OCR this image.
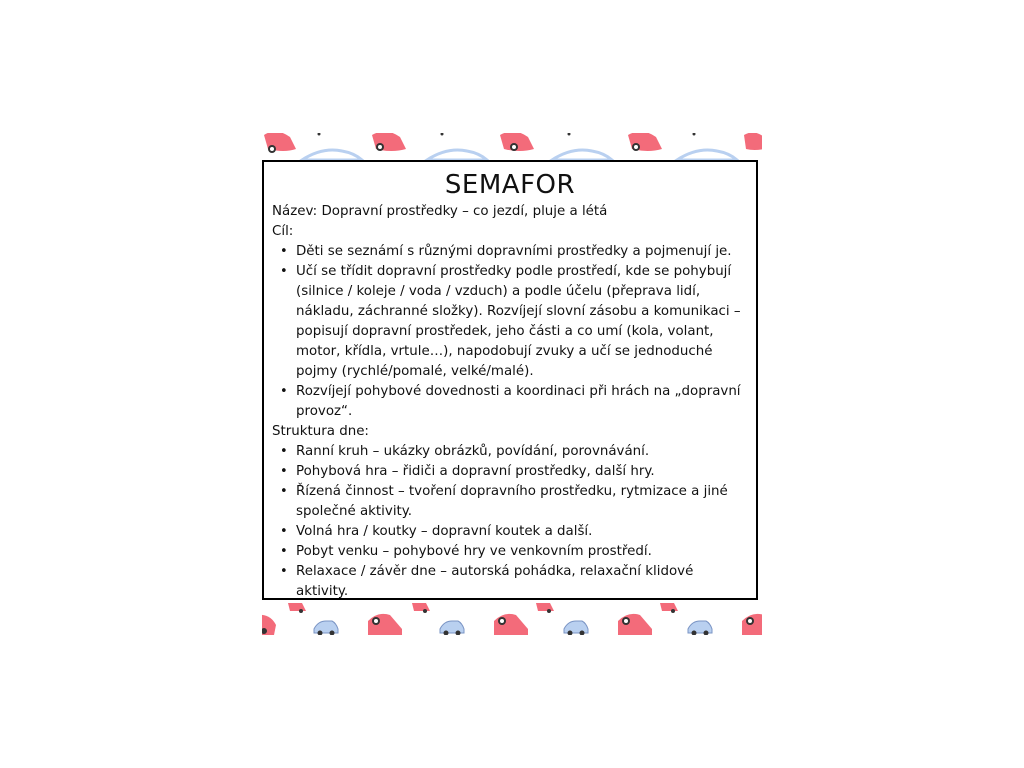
SEMAFOR
Název: Dopravní prostředky – co jezdí, pluje a létá
Cíl:
• Děti se seznámí s různými dopravními prostředky a pojmenují je.
• Učí se třídit dopravní prostředky podle prostředí, kde se pohybují (silnice / koleje / voda / vzduch) a podle účelu (přeprava lidí, nákladu, záchranné složky). Rozvíjejí slovní zásobu a komunikaci – popisují dopravní prostředek, jeho části a co umí (kola, volant, motor, křídla, vrtule…), napodobují zvuky a učí se jednoduché pojmy (rychlé/pomalé, velké/malé).
• Rozvíjejí pohybové dovednosti a koordinaci při hrách na „dopravní provoz“.
Struktura dne:
• Ranní kruh – ukázky obrázků, povídání, porovnávání.
• Pohybová hra – řidiči a dopravní prostředky, další hry.
• Řízená činnost – tvoření dopravního prostředku, rytmizace a jiné společné aktivity.
• Volná hra / koutky – dopravní koutek a další.
• Pobyt venku – pohybové hry ve venkovním prostředí.
• Relaxace / závěr dne – autorská pohádka, relaxační klidové aktivity.
